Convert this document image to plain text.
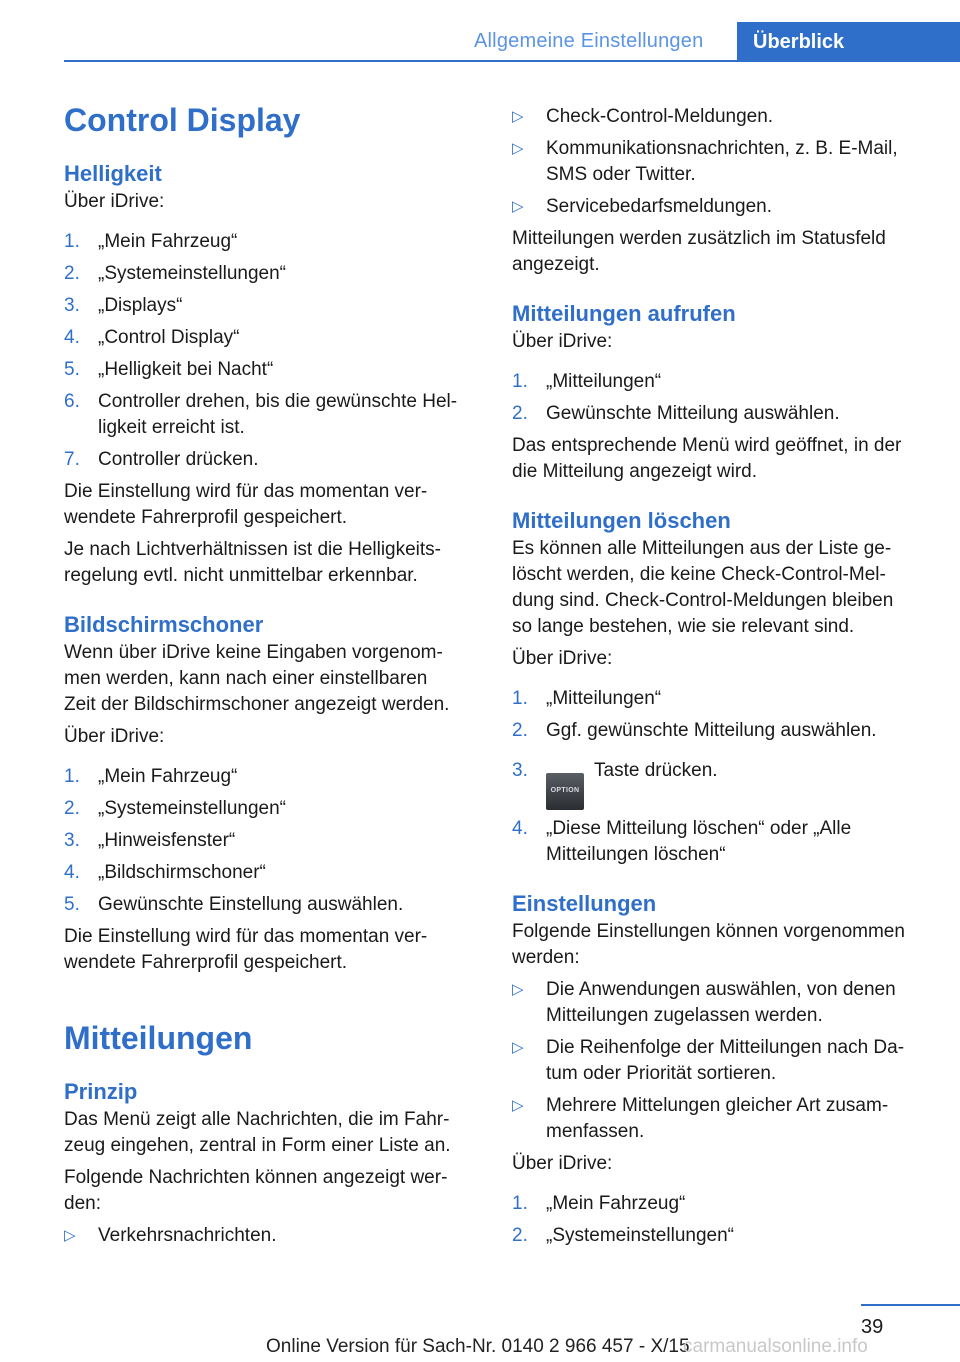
Allgemeine Einstellungen Überblick
Control Display
Helligkeit
Über iDrive:
1. „Mein Fahrzeug“
2. „Systemeinstellungen“
3. „Displays“
4. „Control Display“
5. „Helligkeit bei Nacht“
6. Controller drehen, bis die gewünschte Hel‐
ligkeit erreicht ist.
7. Controller drücken.
Die Einstellung wird für das momentan ver‐
wendete Fahrerprofil gespeichert.
Je nach Lichtverhältnissen ist die Helligkeits‐
regelung evtl. nicht unmittelbar erkennbar.
Bildschirmschoner
Wenn über iDrive keine Eingaben vorgenom‐
men werden, kann nach einer einstellbaren
Zeit der Bildschirmschoner angezeigt werden.
Über iDrive:
1. „Mein Fahrzeug“
2. „Systemeinstellungen“
3. „Hinweisfenster“
4. „Bildschirmschoner“
5. Gewünschte Einstellung auswählen.
Die Einstellung wird für das momentan ver‐
wendete Fahrerprofil gespeichert.
Mitteilungen
Prinzip
Das Menü zeigt alle Nachrichten, die im Fahr‐
zeug eingehen, zentral in Form einer Liste an.
Folgende Nachrichten können angezeigt wer‐
den:
▷ Verkehrsnachrichten.
▷ Check-Control-Meldungen.
▷ Kommunikationsnachrichten, z. B. E-Mail,
SMS oder Twitter.
▷ Servicebedarfsmeldungen.
Mitteilungen werden zusätzlich im Statusfeld
angezeigt.
Mitteilungen aufrufen
Über iDrive:
1. „Mitteilungen“
2. Gewünschte Mitteilung auswählen.
Das entsprechende Menü wird geöffnet, in der
die Mitteilung angezeigt wird.
Mitteilungen löschen
Es können alle Mitteilungen aus der Liste ge‐
löscht werden, die keine Check-Control-Mel‐
dung sind. Check-Control-Meldungen bleiben
so lange bestehen, wie sie relevant sind.
Über iDrive:
1. „Mitteilungen“
2. Ggf. gewünschte Mitteilung auswählen.
3.
OPTIONTaste drücken.
4. „Diese Mitteilung löschen“ oder „Alle
Mitteilungen löschen“
Einstellungen
Folgende Einstellungen können vorgenommen
werden:
▷ Die Anwendungen auswählen, von denen
Mitteilungen zugelassen werden.
▷ Die Reihenfolge der Mitteilungen nach Da‐
tum oder Priorität sortieren.
▷ Mehrere Mittelungen gleicher Art zusam‐
menfassen.
Über iDrive:
1. „Mein Fahrzeug“
2. „Systemeinstellungen“
39
Online Version für Sach-Nr. 0140 2 966 457 - X/15
carmanualsonline.info
